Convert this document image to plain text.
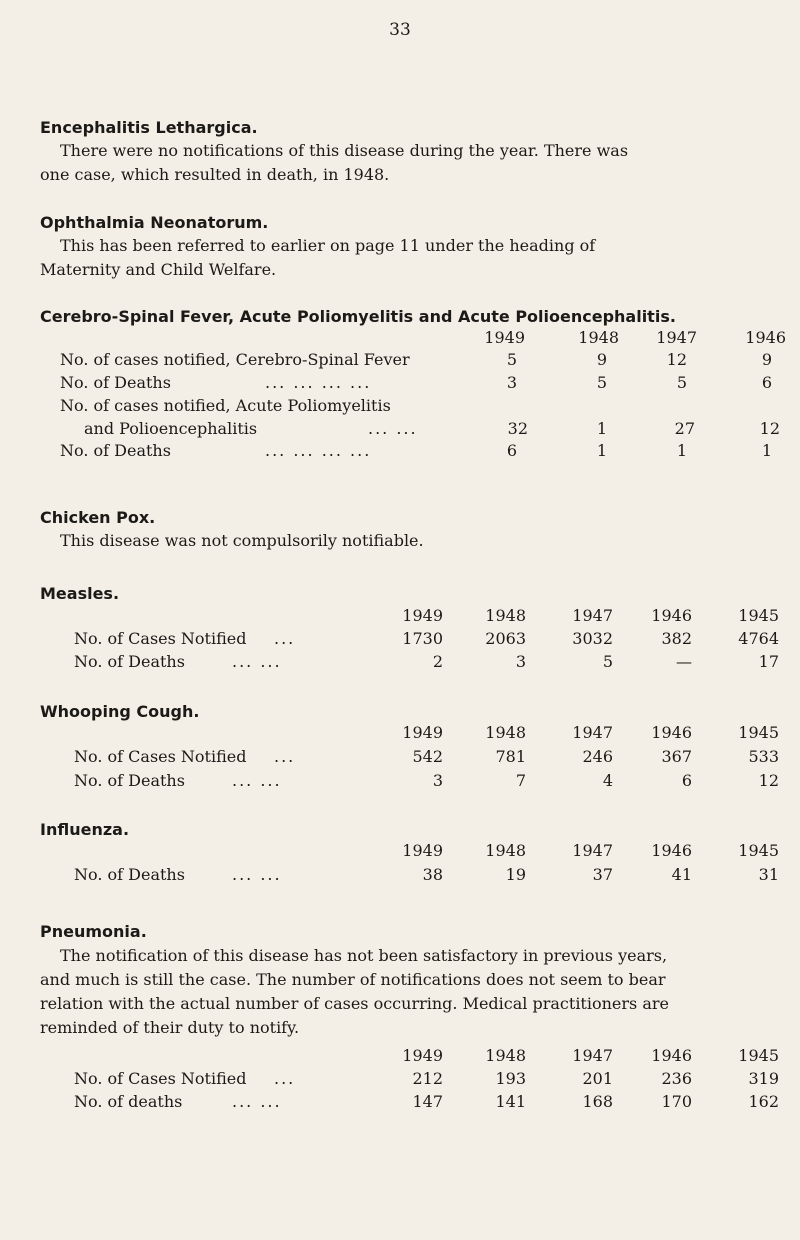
33
Encephalitis Lethargica.
There were no notifications of this disease during the year. There was
one case, which resulted in death, in 1948.
Ophthalmia Neonatorum.
This has been referred to earlier on page 11 under the heading of
Maternity and Child Welfare.
Cerebro-Spinal Fever, Acute Poliomyelitis and Acute Polioencephalitis.
1949	1948 1947	1946
No. of cases notified, Cerebro-Spinal Fever	5	9	12	9
No. of Deaths	... ... ... ...	3	5	5	6
No. of cases notified, Acute Poliomyelitis
and Polioencephalitis	... ...	32	1	27	12
No. of Deaths	... ... ... ...	6	1	1	1
Chicken Pox.
This disease was not compulsorily notifiable.
Measles.
1949	1948	1947 1946	1945
No. of Cases Notified ...	1730	2063	3032	382	4764
No. of Deaths	... ...	2	3	5	—	17
Whooping Cough.
1949	1948	1947 1946	1945
No. of Cases Notified ...	542	781	246	367	533
No. of Deaths	... ...	3	7	4	6	12
Influenza.
1949	1948	1947 1946	1945
No. of Deaths	... ...	38	19	37	41	31
Pneumonia.
The notification of this disease has not been satisfactory in previous years,
and much is still the case. The number of notifications does not seem to bear
relation with the actual number of cases occurring. Medical practitioners are
reminded of their duty to notify.
1949	1948	1947 1946	1945
No. of Cases Notified ...	212	193	201	236	319
No. of deaths	... ...	147	141	168	170	162
